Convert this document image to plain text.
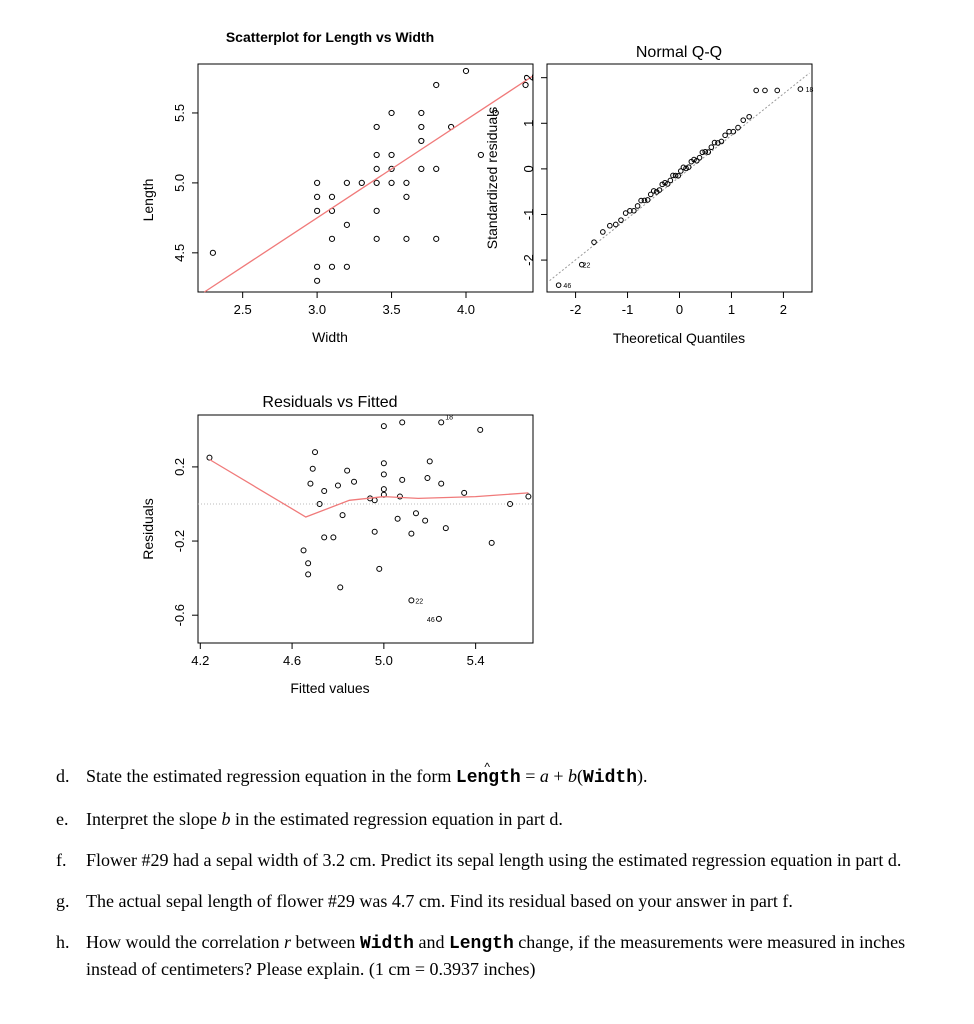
Scatterplot for Length vs Width
2.5	3.0	3.5	4.0
4.5
5.0
5.5
Width
Length
Normal Q-Q
-2	-1	0	1	2
-2
-1
0
1
2
46
22
18
Theoretical Quantiles
Standardized residuals
Residuals vs Fitted
4.2	4.6	5.0	5.4
0.2
-0.2
-0.6
18
22
46
Fitted values
Residuals
d. State the estimated regression equation in the form Length ^ = a + b(Width).
e. Interpret the slope b in the estimated regression equation in part d.
f.	Flower #29 had a sepal width of 3.2 cm. Predict its sepal length using the estimated regression equation in part d.
g. The actual sepal length of flower #29 was 4.7 cm. Find its residual based on your answer in part f.
h. How would the correlation r between Width and Length change, if the measurements were measured in inches instead of centimeters? Please explain. (1 cm = 0.3937 inches)
